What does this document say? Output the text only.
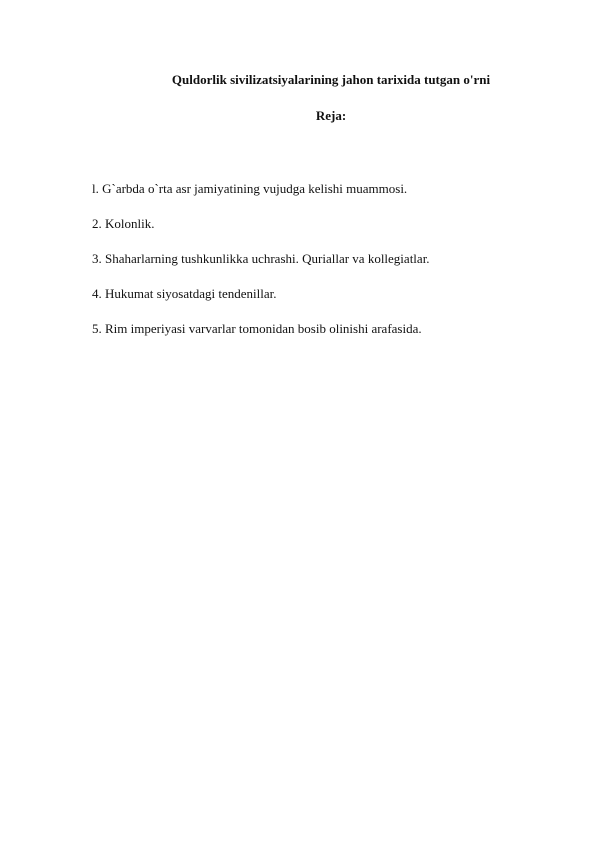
Quldorlik sivilizatsiyalarining jahon tarixida tutgan o'rni
Reja:
l. G`arbda o`rta asr jamiyatining vujudga kelishi muammosi.
2. Kolonlik.
3. Shaharlarning tushkunlikka uchrashi. Quriallar va kollegiatlar.
4. Hukumat siyosatdagi tendenillar.
5. Rim imperiyasi varvarlar tomonidan bosib olinishi arafasida.
